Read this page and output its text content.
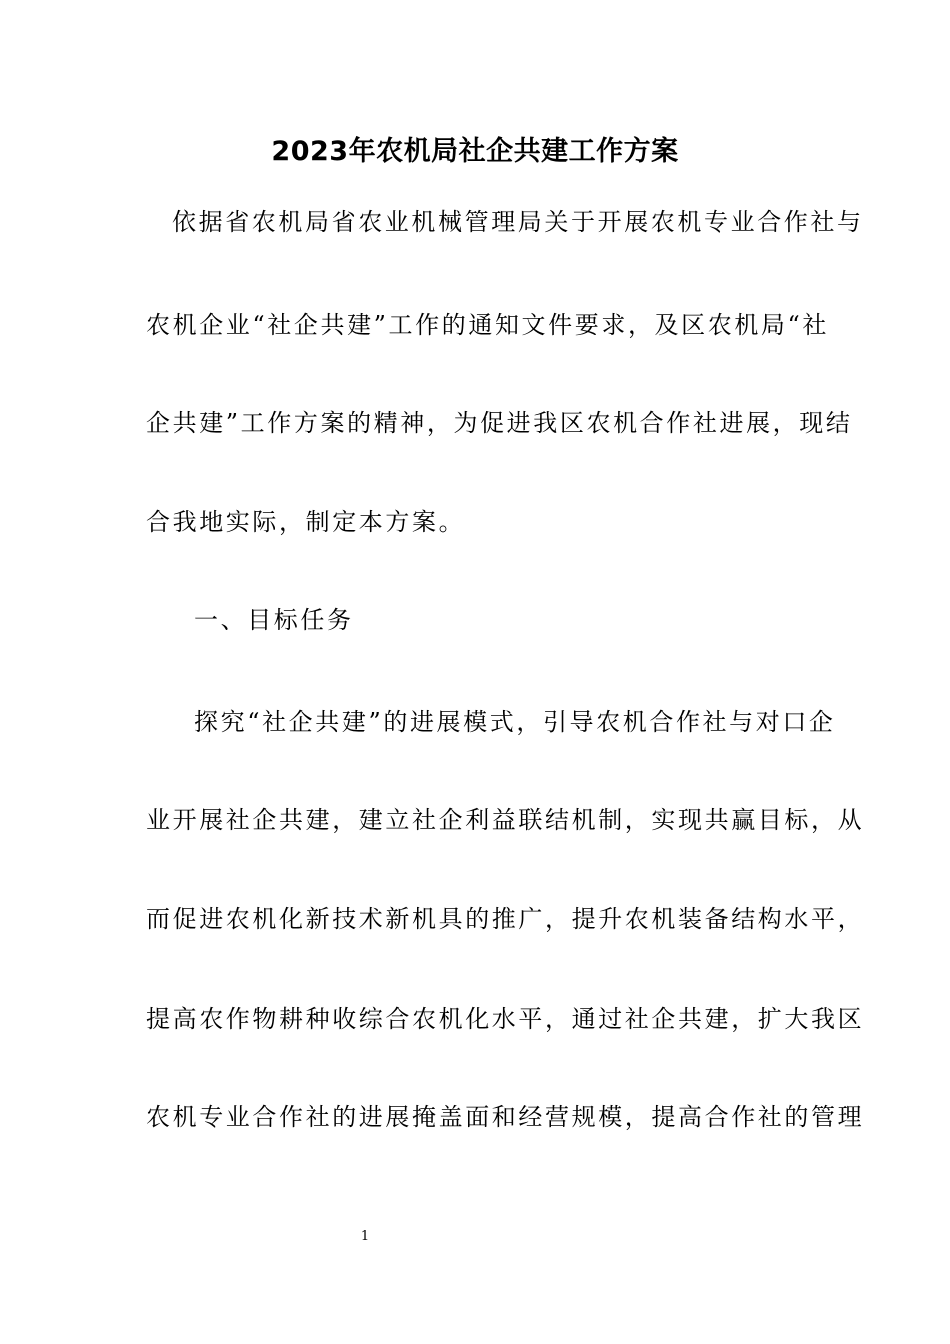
2023年农机局社企共建工作方案
依据省农机局省农业机械管理局关于开展农机专业合作社与
农机企业“社企共建”工作的通知文件要求，及区农机局“社
企共建”工作方案的精神，为促进我区农机合作社进展，现结
合我地实际，制定本方案。
一、目标任务
探究“社企共建”的进展模式，引导农机合作社与对口企
业开展社企共建，建立社企利益联结机制，实现共赢目标，从
而促进农机化新技术新机具的推广，提升农机装备结构水平，
提高农作物耕种收综合农机化水平，通过社企共建，扩大我区
农机专业合作社的进展掩盖面和经营规模，提高合作社的管理
1
